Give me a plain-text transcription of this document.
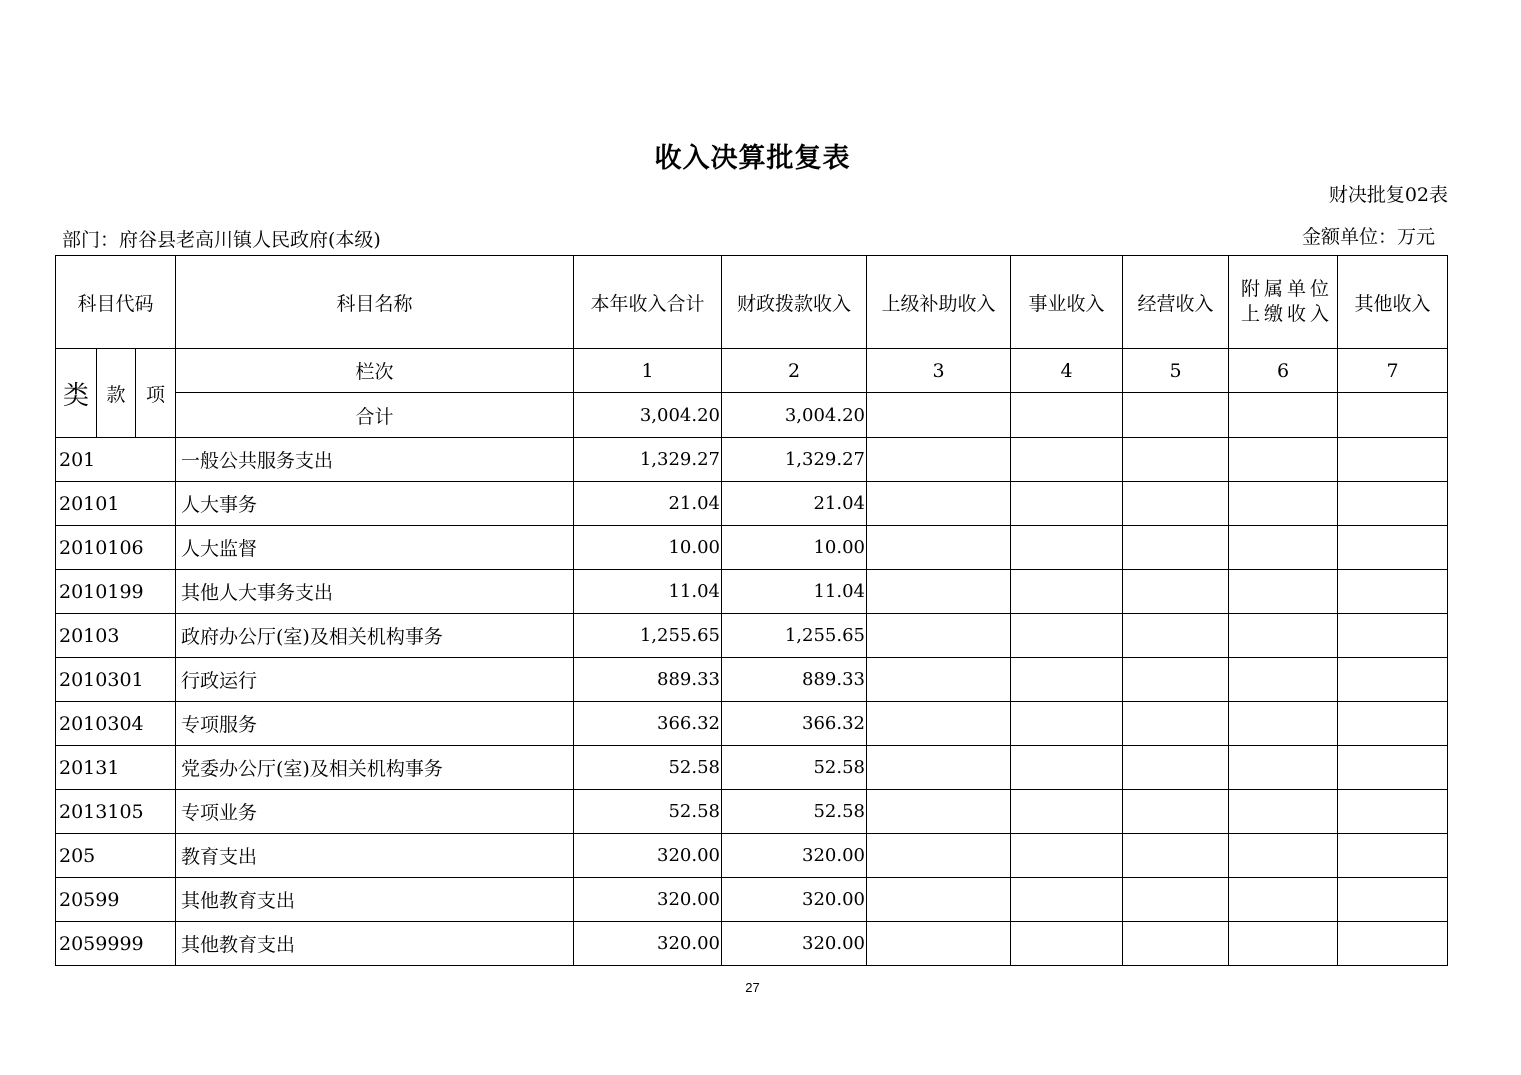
收入决算批复表
财决批复02表
部门：府谷县老高川镇人民政府(本级)	金额单位：万元
科目代码			科目名称	本年收入合计	财政拨款收入	上级补助收入	事业收入	经营收入	附属单位上缴收入	其他收入
类	款	项	栏次	1	2	3	4	5	6	7
			合计	3,004.20	3,004.20					
201			一般公共服务支出	1,329.27	1,329.27					
20101			人大事务	21.04	21.04					
2010106			人大监督	10.00	10.00					
2010199			其他人大事务支出	11.04	11.04					
20103			政府办公厅(室)及相关机构事务	1,255.65	1,255.65					
2010301			行政运行	889.33	889.33					
2010304			专项服务	366.32	366.32					
20131			党委办公厅(室)及相关机构事务	52.58	52.58					
2013105			专项业务	52.58	52.58					
205			教育支出	320.00	320.00					
20599			其他教育支出	320.00	320.00					
2059999			其他教育支出	320.00	320.00					
27
